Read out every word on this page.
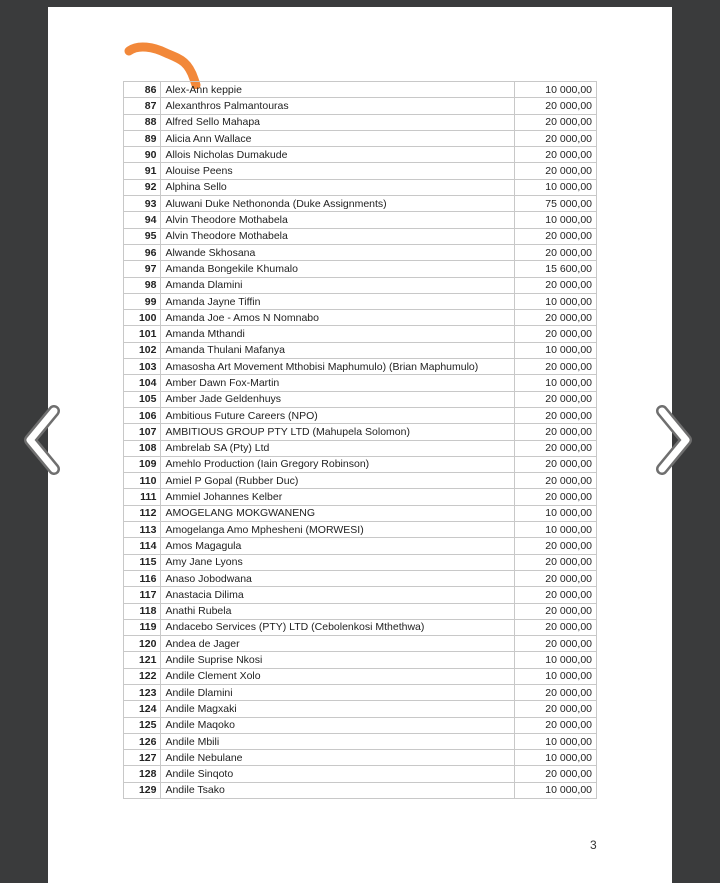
86	Alex-Ann keppie	10 000,00
87	Alexanthros Palmantouras	20 000,00
88	Alfred Sello Mahapa	20 000,00
89	Alicia Ann Wallace	20 000,00
90	Allois Nicholas Dumakude	20 000,00
91	Alouise Peens	20 000,00
92	Alphina Sello	10 000,00
93	Aluwani Duke Nethononda (Duke Assignments)	75 000,00
94	Alvin Theodore Mothabela	10 000,00
95	Alvin Theodore Mothabela	20 000,00
96	Alwande Skhosana	20 000,00
97	Amanda Bongekile Khumalo	15 600,00
98	Amanda Dlamini	20 000,00
99	Amanda Jayne Tiffin	10 000,00
100	Amanda Joe - Amos N Nomnabo	20 000,00
101	Amanda Mthandi	20 000,00
102	Amanda Thulani Mafanya	10 000,00
103	Amasosha Art Movement Mthobisi Maphumulo) (Brian Maphumulo)	20 000,00
104	Amber Dawn Fox-Martin	10 000,00
105	Amber Jade Geldenhuys	20 000,00
106	Ambitious Future Careers (NPO)	20 000,00
107	AMBITIOUS GROUP PTY LTD (Mahupela Solomon)	20 000,00
108	Ambrelab SA (Pty) Ltd	20 000,00
109	Amehlo Production (Iain Gregory Robinson)	20 000,00
110	Amiel P Gopal (Rubber Duc)	20 000,00
111	Ammiel Johannes Kelber	20 000,00
112	AMOGELANG MOKGWANENG	10 000,00
113	Amogelanga Amo Mphesheni (MORWESI)	10 000,00
114	Amos Magagula	20 000,00
115	Amy Jane Lyons	20 000,00
116	Anaso Jobodwana	20 000,00
117	Anastacia Dilima	20 000,00
118	Anathi Rubela	20 000,00
119	Andacebo Services (PTY) LTD (Cebolenkosi Mthethwa)	20 000,00
120	Andea de Jager	20 000,00
121	Andile Suprise Nkosi	10 000,00
122	Andile Clement Xolo	10 000,00
123	Andile Dlamini	20 000,00
124	Andile Magxaki	20 000,00
125	Andile Maqoko	20 000,00
126	Andile Mbili	10 000,00
127	Andile Nebulane	10 000,00
128	Andile Sinqoto	20 000,00
129	Andile Tsako	10 000,00
3
